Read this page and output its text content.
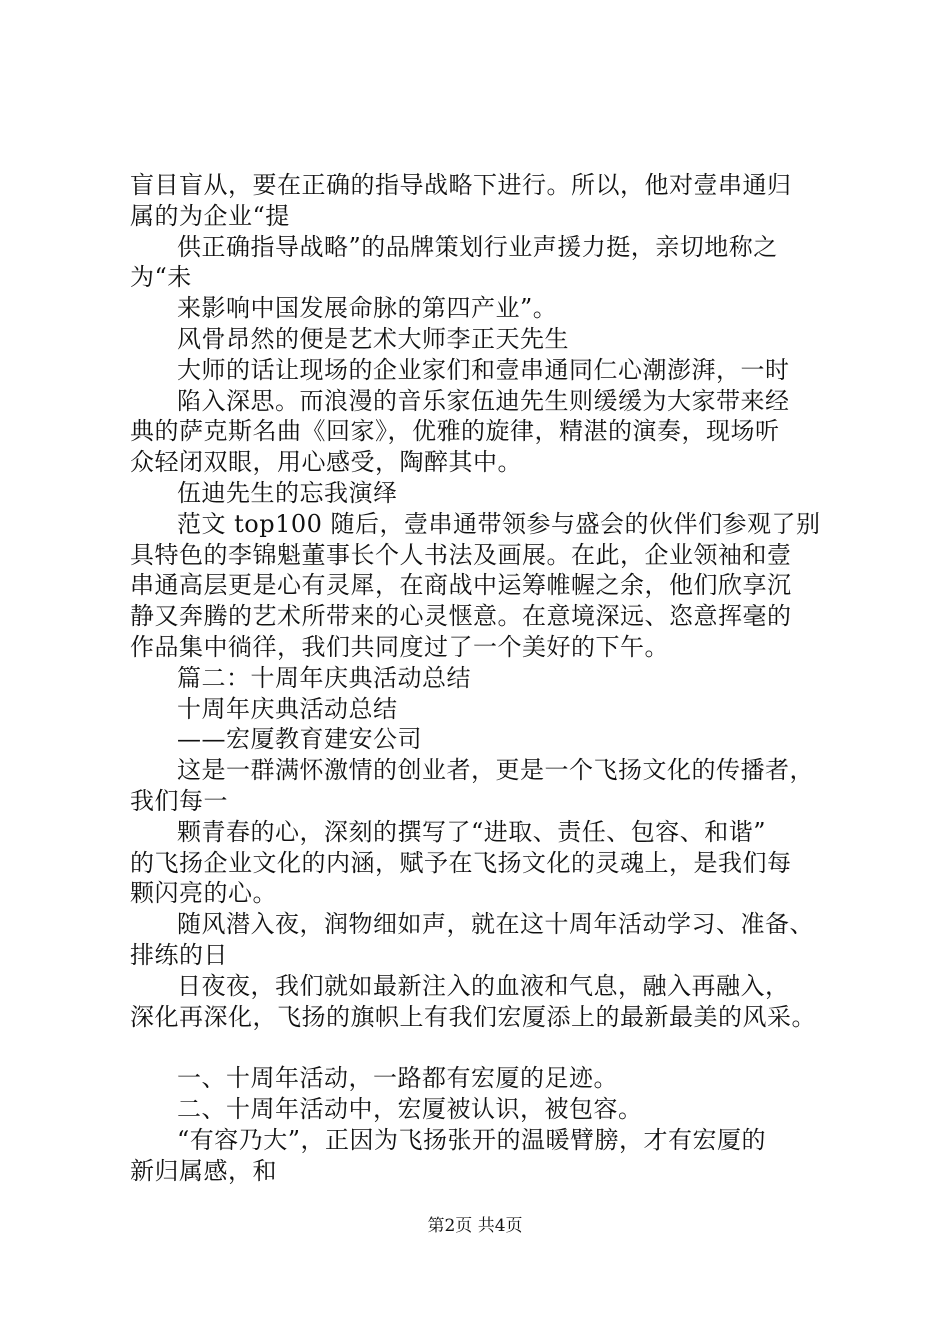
盲目盲从，要在正确的指导战略下进行。所以，他对壹串通归
属的为企业“提
供正确指导战略”的品牌策划行业声援力挺，亲切地称之
为“未
来影响中国发展命脉的第四产业”。
风骨昂然的便是艺术大师李正天先生
大师的话让现场的企业家们和壹串通同仁心潮澎湃，一时
陷入深思。而浪漫的音乐家伍迪先生则缓缓为大家带来经
典的萨克斯名曲《回家》，优雅的旋律，精湛的演奏，现场听
众轻闭双眼，用心感受，陶醉其中。
伍迪先生的忘我演绎
范文 top100 随后，壹串通带领参与盛会的伙伴们参观了别
具特色的李锦魁董事长个人书法及画展。在此，企业领袖和壹
串通高层更是心有灵犀，在商战中运筹帷幄之余，他们欣享沉
静又奔腾的艺术所带来的心灵惬意。在意境深远、恣意挥毫的
作品集中徜徉，我们共同度过了一个美好的下午。
篇二：十周年庆典活动总结
十周年庆典活动总结
——宏厦教育建安公司
这是一群满怀激情的创业者，更是一个飞扬文化的传播者，
我们每一
颗青春的心，深刻的撰写了“进取、责任、包容、和谐”
的飞扬企业文化的内涵，赋予在飞扬文化的灵魂上，是我们每
颗闪亮的心。
随风潜入夜，润物细如声，就在这十周年活动学习、准备、
排练的日
日夜夜，我们就如最新注入的血液和气息，融入再融入，
深化再深化，飞扬的旗帜上有我们宏厦添上的最新最美的风采。
一、十周年活动，一路都有宏厦的足迹。
二、十周年活动中，宏厦被认识，被包容。
“有容乃大”，正因为飞扬张开的温暖臂膀，才有宏厦的
新归属感，和
第2页 共4页
